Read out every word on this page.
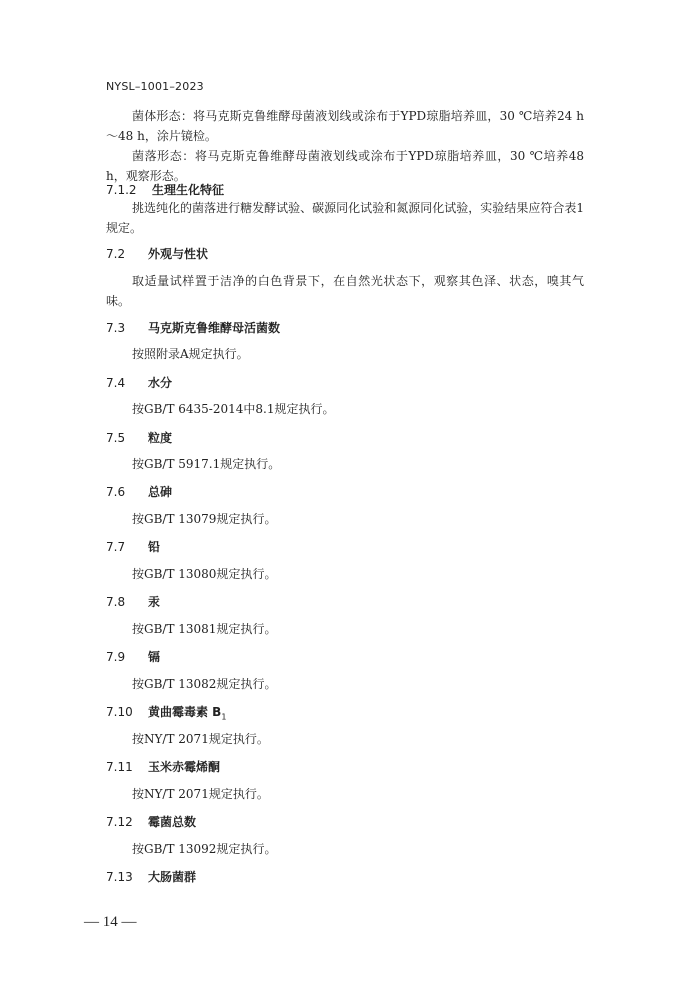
NYSL–1001–2023
菌体形态：将马克斯克鲁维酵母菌液划线或涂布于YPD琼脂培养皿，30 ℃培养24 h～48 h，涂片镜检。
菌落形态：将马克斯克鲁维酵母菌液划线或涂布于YPD琼脂培养皿，30 ℃培养48 h，观察形态。
7.1.2 生理生化特征
挑选纯化的菌落进行糖发酵试验、碳源同化试验和氮源同化试验，实验结果应符合表1规定。
7.2 外观与性状
取适量试样置于洁净的白色背景下，在自然光状态下，观察其色泽、状态，嗅其气味。
7.3 马克斯克鲁维酵母活菌数
按照附录A规定执行。
7.4 水分
按GB/T 6435-2014中8.1规定执行。
7.5 粒度
按GB/T 5917.1规定执行。
7.6 总砷
按GB/T 13079规定执行。
7.7 铅
按GB/T 13080规定执行。
7.8 汞
按GB/T 13081规定执行。
7.9 镉
按GB/T 13082规定执行。
7.10 黄曲霉毒素 $B_1$
按NY/T 2071规定执行。
7.11 玉米赤霉烯酮
按NY/T 2071规定执行。
7.12 霉菌总数
按GB/T 13092规定执行。
7.13 大肠菌群
— 14 —
